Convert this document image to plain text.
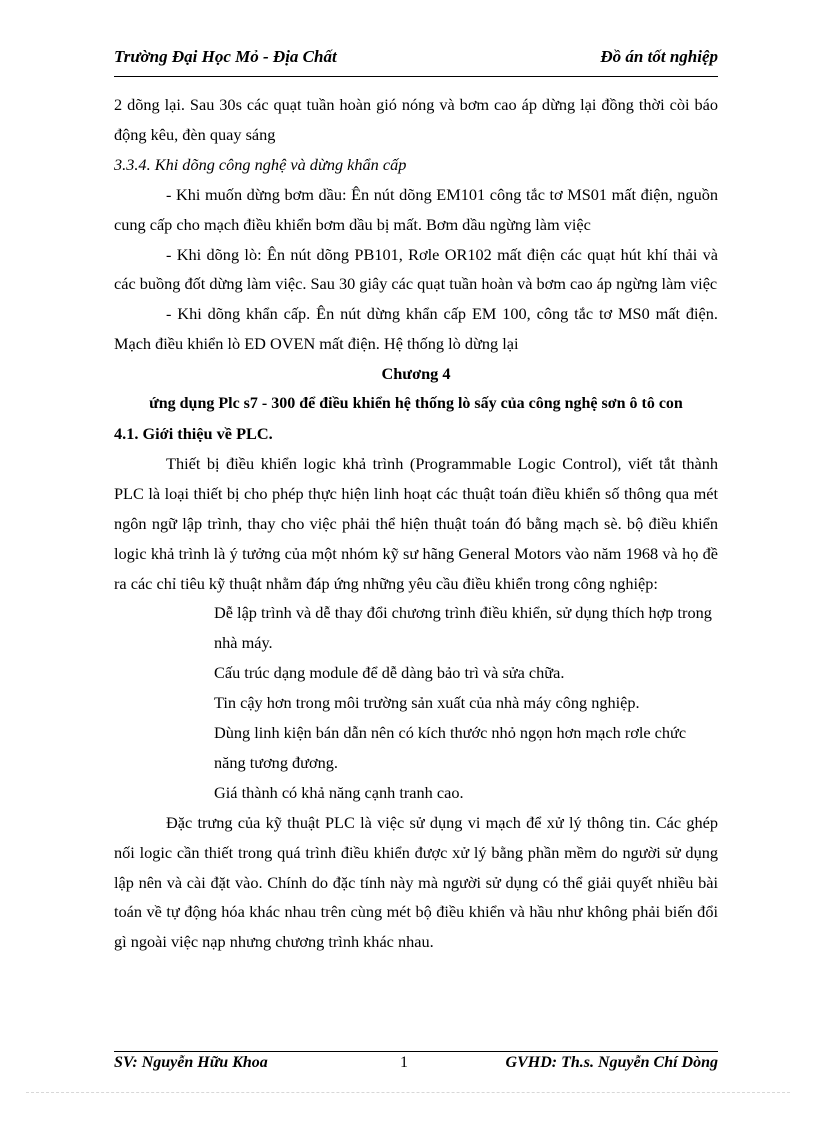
Trường Đại Học Mỏ - Địa Chất	Đồ án tốt nghiệp

2 dõng lại. Sau 30s các quạt tuần hoàn gió nóng và bơm cao áp dừng lại đồng thời còi báo động kêu, đèn quay sáng

3.3.4. Khi dõng công nghệ và dừng khẩn cấp

- Khi muốn dừng bơm dầu: Ên nút dõng EM101 công tắc tơ MS01 mất điện, nguồn cung cấp cho mạch điều khiển bơm dầu bị mất. Bơm dầu ngừng làm việc

- Khi dõng lò: Ên nút dõng PB101, Rơle OR102 mất điện các quạt hút khí thải và các buồng đốt dừng làm việc. Sau 30 giây các quạt tuần hoàn và bơm cao áp ngừng làm việc

- Khi dõng khẩn cấp. Ên nút dừng khẩn cấp EM 100, công tắc tơ MS0 mất điện. Mạch điều khiển lò ED OVEN mất điện. Hệ thống lò dừng lại

Chương 4

ứng dụng Plc s7 - 300 để điều khiển hệ thống lò sấy của công nghệ sơn ô tô con

4.1. Giới thiệu về PLC.

Thiết bị điều khiển logic khả trình (Programmable Logic Control), viết tắt thành PLC là loại thiết bị cho phép thực hiện linh hoạt các thuật toán điều khiển số thông qua mét ngôn ngữ lập trình, thay cho việc phải thể hiện thuật toán đó bằng mạch sè. bộ điều khiển logic khả trình là ý tưởng của một nhóm kỹ sư hãng General Motors vào năm 1968 và họ đề ra các chỉ tiêu kỹ thuật nhằm đáp ứng những yêu cầu điều khiển trong công nghiệp:

Dễ lập trình và dễ thay đổi chương trình điều khiển, sử dụng thích hợp trong nhà máy.

Cấu trúc dạng module để dễ dàng bảo trì và sửa chữa.

Tin cậy hơn trong môi trường sản xuất của nhà máy công nghiệp.

Dùng linh kiện bán dẫn nên có kích thước nhỏ ngọn hơn mạch rơle chức năng tương đương.

Giá thành có khả năng cạnh tranh cao.

Đặc trưng của kỹ thuật PLC là việc sử dụng vi mạch để xử lý thông tin. Các ghép nối logic cần thiết trong quá trình điều khiển được xử lý bằng phần mềm do người sử dụng lập nên và cài đặt vào. Chính do đặc tính này mà người sử dụng có thể giải quyết nhiều bài toán về tự động hóa khác nhau trên cùng mét bộ điều khiển và hầu như không phải biến đổi gì ngoài việc nạp nhưng chương trình khác nhau.

SV: Nguyễn Hữu Khoa	1	GVHD: Th.s. Nguyễn Chí Dòng
